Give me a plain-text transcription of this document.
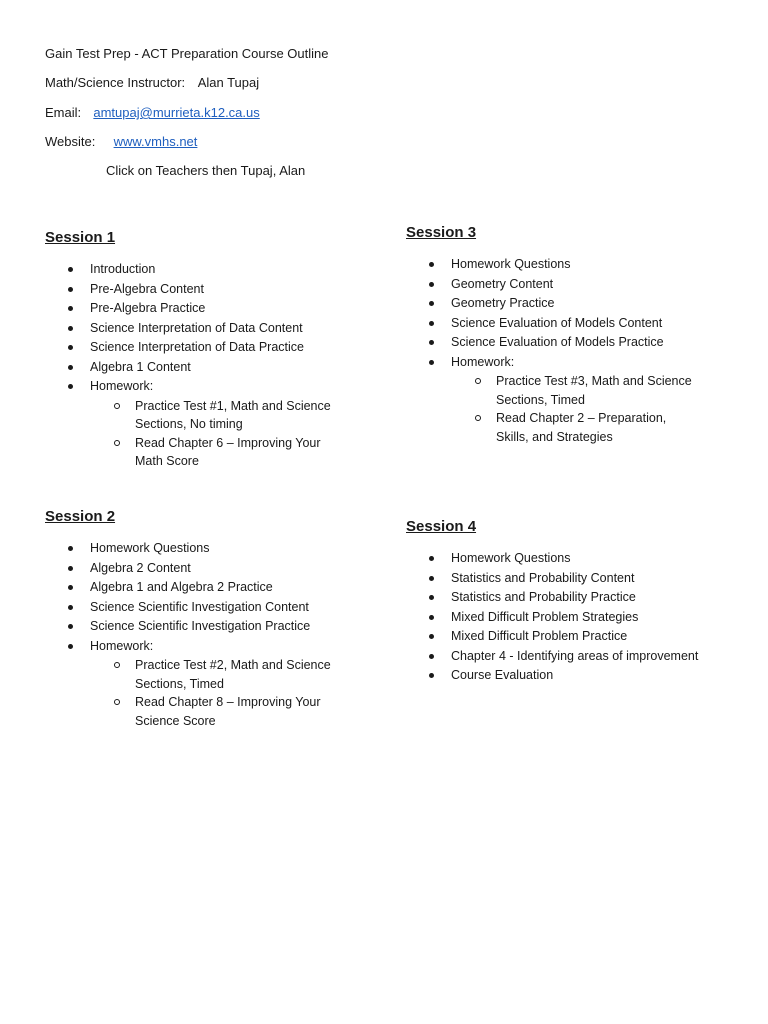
Gain Test Prep - ACT Preparation Course Outline
Math/Science Instructor: Alan Tupaj
Email: amtupaj@murrieta.k12.ca.us
Website: www.vmhs.net
Click on Teachers then Tupaj, Alan
Session 1
Introduction
Pre-Algebra Content
Pre-Algebra Practice
Science Interpretation of Data Content
Science Interpretation of Data Practice
Algebra 1 Content
Homework:
Practice Test #1, Math and Science Sections, No timing
Read Chapter 6 – Improving Your Math Score
Session 2
Homework Questions
Algebra 2 Content
Algebra 1 and Algebra 2 Practice
Science Scientific Investigation Content
Science Scientific Investigation Practice
Homework:
Practice Test #2, Math and Science Sections, Timed
Read Chapter 8 – Improving Your Science Score
Session 3
Homework Questions
Geometry Content
Geometry Practice
Science Evaluation of Models Content
Science Evaluation of Models Practice
Homework:
Practice Test #3, Math and Science Sections, Timed
Read Chapter 2 – Preparation, Skills, and Strategies
Session 4
Homework Questions
Statistics and Probability Content
Statistics and Probability Practice
Mixed Difficult Problem Strategies
Mixed Difficult Problem Practice
Chapter 4 - Identifying areas of improvement
Course Evaluation
